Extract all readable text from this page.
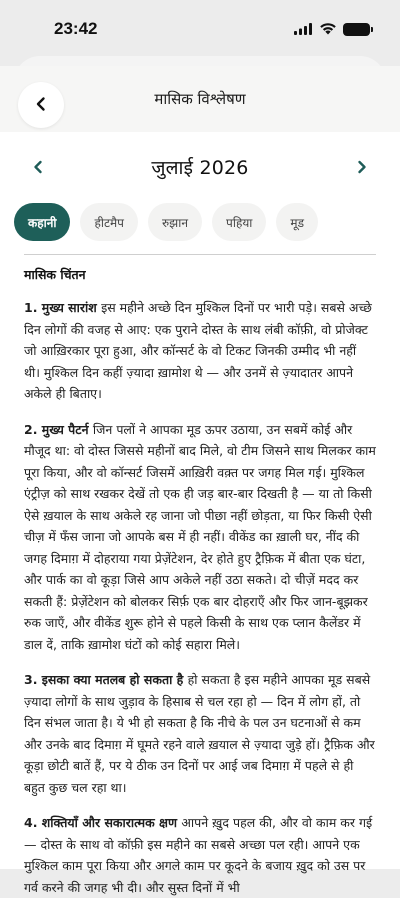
23:42
मासिक विश्लेषण
जुलाई 2026
कहानी	हीटमैप	रुझान	पहिया	मूड
मासिक चिंतन

1. मुख्य सारांश इस महीने अच्छे दिन मुश्किल दिनों पर भारी पड़े। सबसे अच्छे दिन लोगों की वजह से आए: एक पुराने दोस्त के साथ लंबी कॉफ़ी, वो प्रोजेक्ट जो आख़िरकार पूरा हुआ, और कॉन्सर्ट के वो टिकट जिनकी उम्मीद भी नहीं थी। मुश्किल दिन कहीं ज़्यादा ख़ामोश थे — और उनमें से ज़्यादातर आपने अकेले ही बिताए।

2. मुख्य पैटर्न जिन पलों ने आपका मूड ऊपर उठाया, उन सबमें कोई और मौजूद था: वो दोस्त जिससे महीनों बाद मिले, वो टीम जिसने साथ मिलकर काम पूरा किया, और वो कॉन्सर्ट जिसमें आख़िरी वक़्त पर जगह मिल गई। मुश्किल एंट्रीज़ को साथ रखकर देखें तो एक ही जड़ बार-बार दिखती है — या तो किसी ऐसे ख़याल के साथ अकेले रह जाना जो पीछा नहीं छोड़ता, या फिर किसी ऐसी चीज़ में फँस जाना जो आपके बस में ही नहीं। वीकेंड का ख़ाली घर, नींद की जगह दिमाग़ में दोहराया गया प्रेज़ेंटेशन, देर होते हुए ट्रैफ़िक में बीता एक घंटा, और पार्क का वो कूड़ा जिसे आप अकेले नहीं उठा सकते। दो चीज़ें मदद कर सकती हैं: प्रेज़ेंटेशन को बोलकर सिर्फ़ एक बार दोहराएँ और फिर जान-बूझकर रुक जाएँ, और वीकेंड शुरू होने से पहले किसी के साथ एक प्लान कैलेंडर में डाल दें, ताकि ख़ामोश घंटों को कोई सहारा मिले।

3. इसका क्या मतलब हो सकता है हो सकता है इस महीने आपका मूड सबसे ज़्यादा लोगों के साथ जुड़ाव के हिसाब से चल रहा हो — दिन में लोग हों, तो दिन संभल जाता है। ये भी हो सकता है कि नीचे के पल उन घटनाओं से कम और उनके बाद दिमाग़ में घूमते रहने वाले ख़याल से ज़्यादा जुड़े हों। ट्रैफ़िक और कूड़ा छोटी बातें हैं, पर ये ठीक उन दिनों पर आई जब दिमाग़ में पहले से ही बहुत कुछ चल रहा था।

4. शक्तियाँ और सकारात्मक क्षण आपने ख़ुद पहल की, और वो काम कर गई — दोस्त के साथ वो कॉफ़ी इस महीने का सबसे अच्छा पल रही। आपने एक मुश्किल काम पूरा किया और अगले काम पर कूदने के बजाय ख़ुद को उस पर गर्व करने की जगह भी दी। और सुस्त दिनों में भी
